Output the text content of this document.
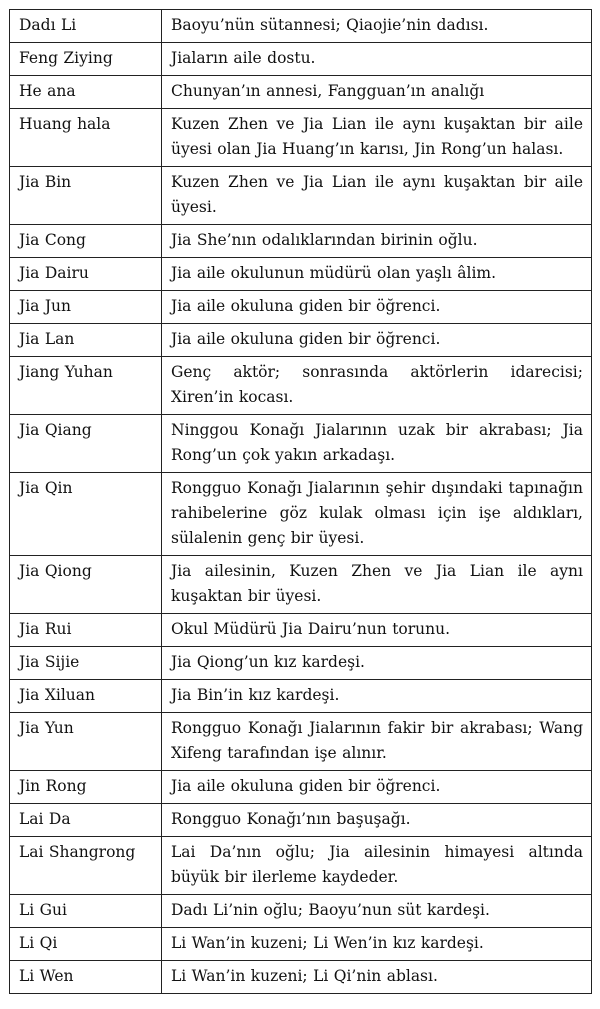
Dadı Li	Baoyu’nün sütannesi; Qiaojie’nin dadısı.
Feng Ziying	Jiaların aile dostu.
He ana	Chunyan’ın annesi, Fangguan’ın analığı
Huang hala	Kuzen Zhen ve Jia Lian ile aynı kuşaktan bir aile üyesi olan Jia Huang’ın karısı, Jin Rong’un halası.
Jia Bin	Kuzen Zhen ve Jia Lian ile aynı kuşaktan bir aile üyesi.
Jia Cong	Jia She’nın odalıklarından birinin oğlu.
Jia Dairu	Jia aile okulunun müdürü olan yaşlı âlim.
Jia Jun	Jia aile okuluna giden bir öğrenci.
Jia Lan	Jia aile okuluna giden bir öğrenci.
Jiang Yuhan	Genç aktör; sonrasında aktörlerin idarecisi; Xiren’in kocası.
Jia Qiang	Ninggou Konağı Jialarının uzak bir akrabası; Jia Rong’un çok yakın arkadaşı.
Jia Qin	Rongguo Konağı Jialarının şehir dışındaki tapınağın rahibelerine göz kulak olması için işe aldıkları, sülalenin genç bir üyesi.
Jia Qiong	Jia ailesinin, Kuzen Zhen ve Jia Lian ile aynı kuşaktan bir üyesi.
Jia Rui	Okul Müdürü Jia Dairu’nun torunu.
Jia Sijie	Jia Qiong’un kız kardeşi.
Jia Xiluan	Jia Bin’in kız kardeşi.
Jia Yun	Rongguo Konağı Jialarının fakir bir akrabası; Wang Xifeng tarafından işe alınır.
Jin Rong	Jia aile okuluna giden bir öğrenci.
Lai Da	Rongguo Konağı’nın başuşağı.
Lai Shangrong	Lai Da’nın oğlu; Jia ailesinin himayesi altında büyük bir ilerleme kaydeder.
Li Gui	Dadı Li’nin oğlu; Baoyu’nun süt kardeşi.
Li Qi	Li Wan’in kuzeni; Li Wen’in kız kardeşi.
Li Wen	Li Wan’in kuzeni; Li Qi’nin ablası.
